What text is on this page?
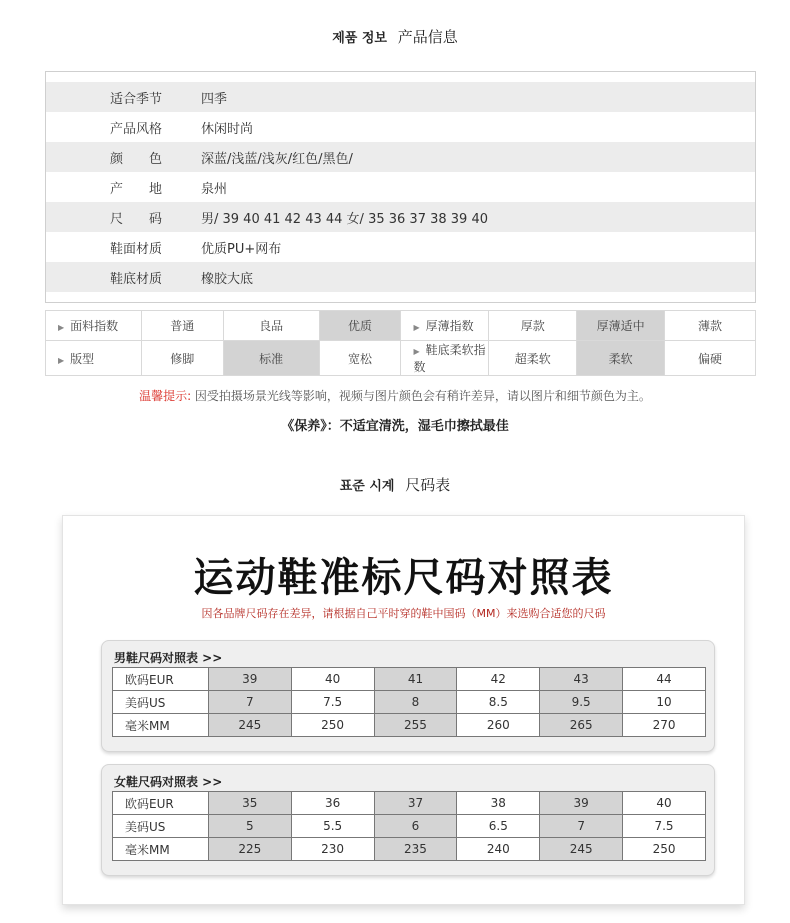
제품 정보 产品信息
适合季节	四季
产品风格	休闲时尚
颜　　色	深蓝/浅蓝/浅灰/红色/黑色/
产　　地	泉州
尺　　码	男/ 39 40 41 42 43 44 女/ 35 36 37 38 39 40
鞋面材质	优质PU+网布
鞋底材质	橡胶大底
▶ 面料指数	普通	良品	优质	▶ 厚薄指数	厚款	厚薄适中	薄款
▶ 版型	修脚	标准	宽松	▶ 鞋底柔软指数	超柔软	柔软	偏硬
温馨提示: 因受拍摄场景光线等影响，视频与图片颜色会有稍许差异，请以图片和细节颜色为主。
《保养》：不适宜清洗，湿毛巾擦拭最佳
표준 시계 尺码表
运动鞋准标尺码对照表
因各品牌尺码存在差异，请根据自己平时穿的鞋中国码（MM）来选购合适您的尺码
男鞋尺码对照表 >>
欧码EUR	39	40	41	42	43	44
美码US	7	7.5	8	8.5	9.5	10
毫米MM	245	250	255	260	265	270
女鞋尺码对照表 >>
欧码EUR	35	36	37	38	39	40
美码US	5	5.5	6	6.5	7	7.5
毫米MM	225	230	235	240	245	250
